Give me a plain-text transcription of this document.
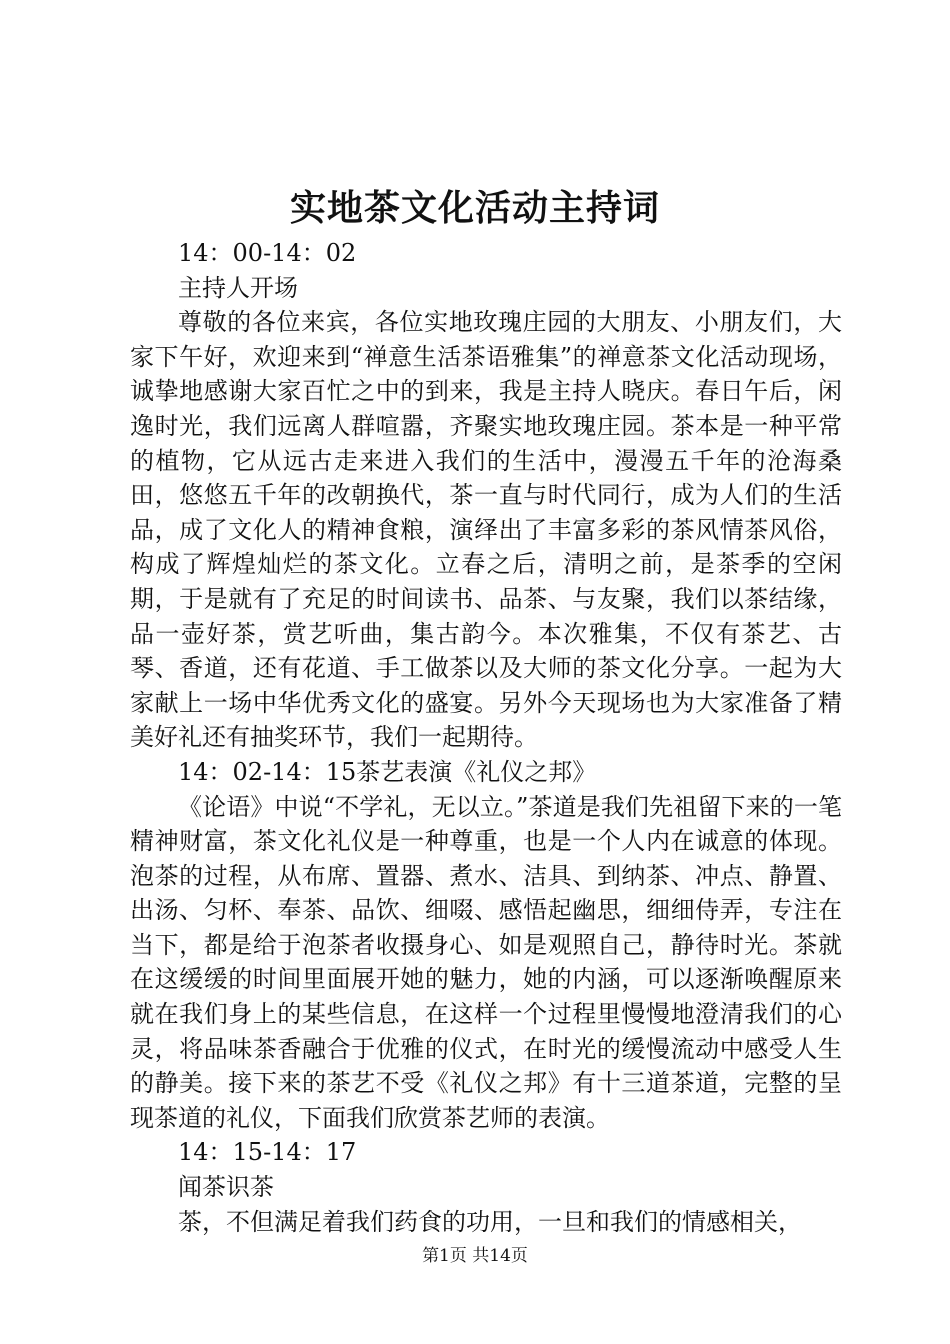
实地茶文化活动主持词

14：00-14：02

主持人开场

尊敬的各位来宾，各位实地玫瑰庄园的大朋友、小朋友们，大家下午好，欢迎来到“禅意生活茶语雅集”的禅意茶文化活动现场，诚挚地感谢大家百忙之中的到来，我是主持人晓庆。春日午后，闲逸时光，我们远离人群喧嚣，齐聚实地玫瑰庄园。茶本是一种平常的植物，它从远古走来进入我们的生活中，漫漫五千年的沧海桑田，悠悠五千年的改朝换代，茶一直与时代同行，成为人们的生活品，成了文化人的精神食粮，演绎出了丰富多彩的茶风情茶风俗，构成了辉煌灿烂的茶文化。立春之后，清明之前，是茶季的空闲期，于是就有了充足的时间读书、品茶、与友聚，我们以茶结缘，品一壶好茶，赏艺听曲，集古韵今。本次雅集，不仅有茶艺、古琴、香道，还有花道、手工做茶以及大师的茶文化分享。一起为大家献上一场中华优秀文化的盛宴。另外今天现场也为大家准备了精美好礼还有抽奖环节，我们一起期待。

14：02-14：15茶艺表演《礼仪之邦》

《论语》中说“不学礼，无以立。”茶道是我们先祖留下来的一笔精神财富，茶文化礼仪是一种尊重，也是一个人内在诚意的体现。泡茶的过程，从布席、置器、煮水、洁具、到纳茶、冲点、静置、出汤、匀杯、奉茶、品饮、细啜、感悟起幽思，细细侍弄，专注在当下，都是给于泡茶者收摄身心、如是观照自己，静待时光。茶就在这缓缓的时间里面展开她的魅力，她的内涵，可以逐渐唤醒原来就在我们身上的某些信息，在这样一个过程里慢慢地澄清我们的心灵，将品味茶香融合于优雅的仪式，在时光的缓慢流动中感受人生的静美。接下来的茶艺不受《礼仪之邦》有十三道茶道，完整的呈现茶道的礼仪，下面我们欣赏茶艺师的表演。

14：15-14：17

闻茶识茶

茶，不但满足着我们药食的功用，一旦和我们的情感相关，

第1页 共14页
